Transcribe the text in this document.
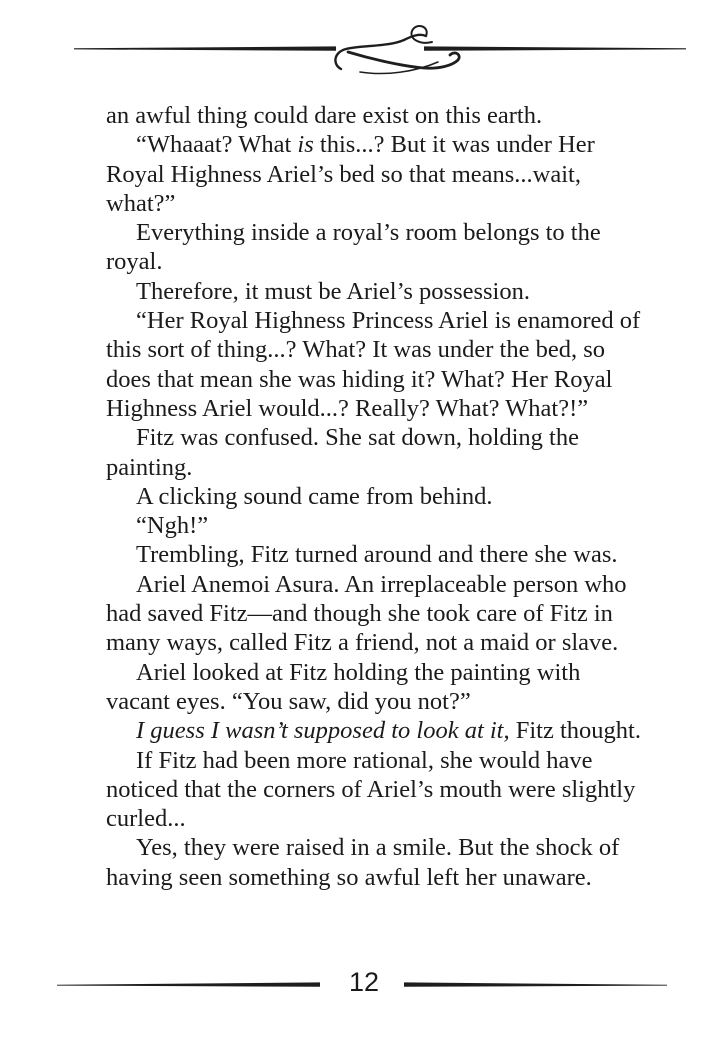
an awful thing could dare exist on this earth.

“Whaaat? What is this...? But it was under Her Royal Highness Ariel’s bed so that means...wait, what?”

Everything inside a royal’s room belongs to the royal.

Therefore, it must be Ariel’s possession.

“Her Royal Highness Princess Ariel is enamored of this sort of thing...? What? It was under the bed, so does that mean she was hiding it? What? Her Royal Highness Ariel would...? Really? What? What?!”

Fitz was confused. She sat down, holding the painting.

A clicking sound came from behind.

“Ngh!”

Trembling, Fitz turned around and there she was.

Ariel Anemoi Asura. An irreplaceable person who had saved Fitz—and though she took care of Fitz in many ways, called Fitz a friend, not a maid or slave.

Ariel looked at Fitz holding the painting with vacant eyes. “You saw, did you not?”

I guess I wasn’t supposed to look at it, Fitz thought.

If Fitz had been more rational, she would have noticed that the corners of Ariel’s mouth were slightly curled...

Yes, they were raised in a smile. But the shock of having seen something so awful left her unaware.

12
